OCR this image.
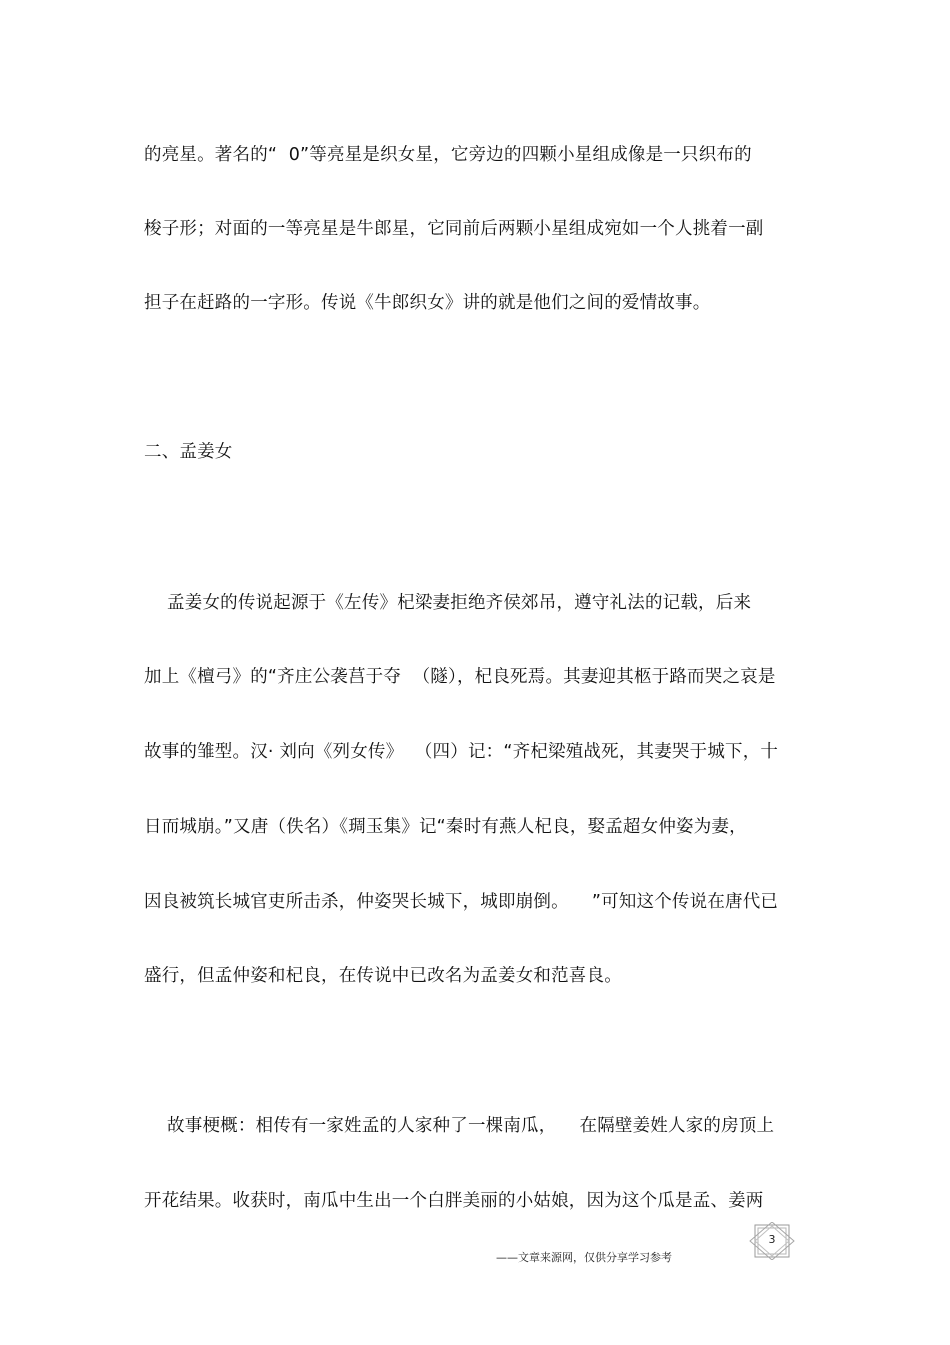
的亮星。著名的“  0”等亮星是织女星，它旁边的四颗小星组成像是一只织布的
梭子形；对面的一等亮星是牛郎星，它同前后两颗小星组成宛如一个人挑着一副
担子在赶路的一字形。传说《牛郎织女》讲的就是他们之间的爱情故事。
二、孟姜女
孟姜女的传说起源于《左传》杞梁妻拒绝齐侯郊吊，遵守礼法的记载，后来
加上《檀弓》的“齐庄公袭莒于夺  （隧），杞良死焉。其妻迎其柩于路而哭之哀是
故事的雏型。汉· 刘向《列女传》  （四）记：“齐杞梁殖战死，其妻哭于城下，十
日而城崩。”又唐（佚名）《琱玉集》记“秦时有燕人杞良，娶孟超女仲姿为妻，
因良被筑长城官吏所击杀，仲姿哭长城下，城即崩倒。    ”可知这个传说在唐代已
盛行，但孟仲姿和杞良，在传说中已改名为孟姜女和范喜良。
故事梗概：相传有一家姓孟的人家种了一棵南瓜，    在隔壁姜姓人家的房顶上
开花结果。收获时，南瓜中生出一个白胖美丽的小姑娘，因为这个瓜是孟、姜两
3
——文章来源网，仅供分享学习参考
